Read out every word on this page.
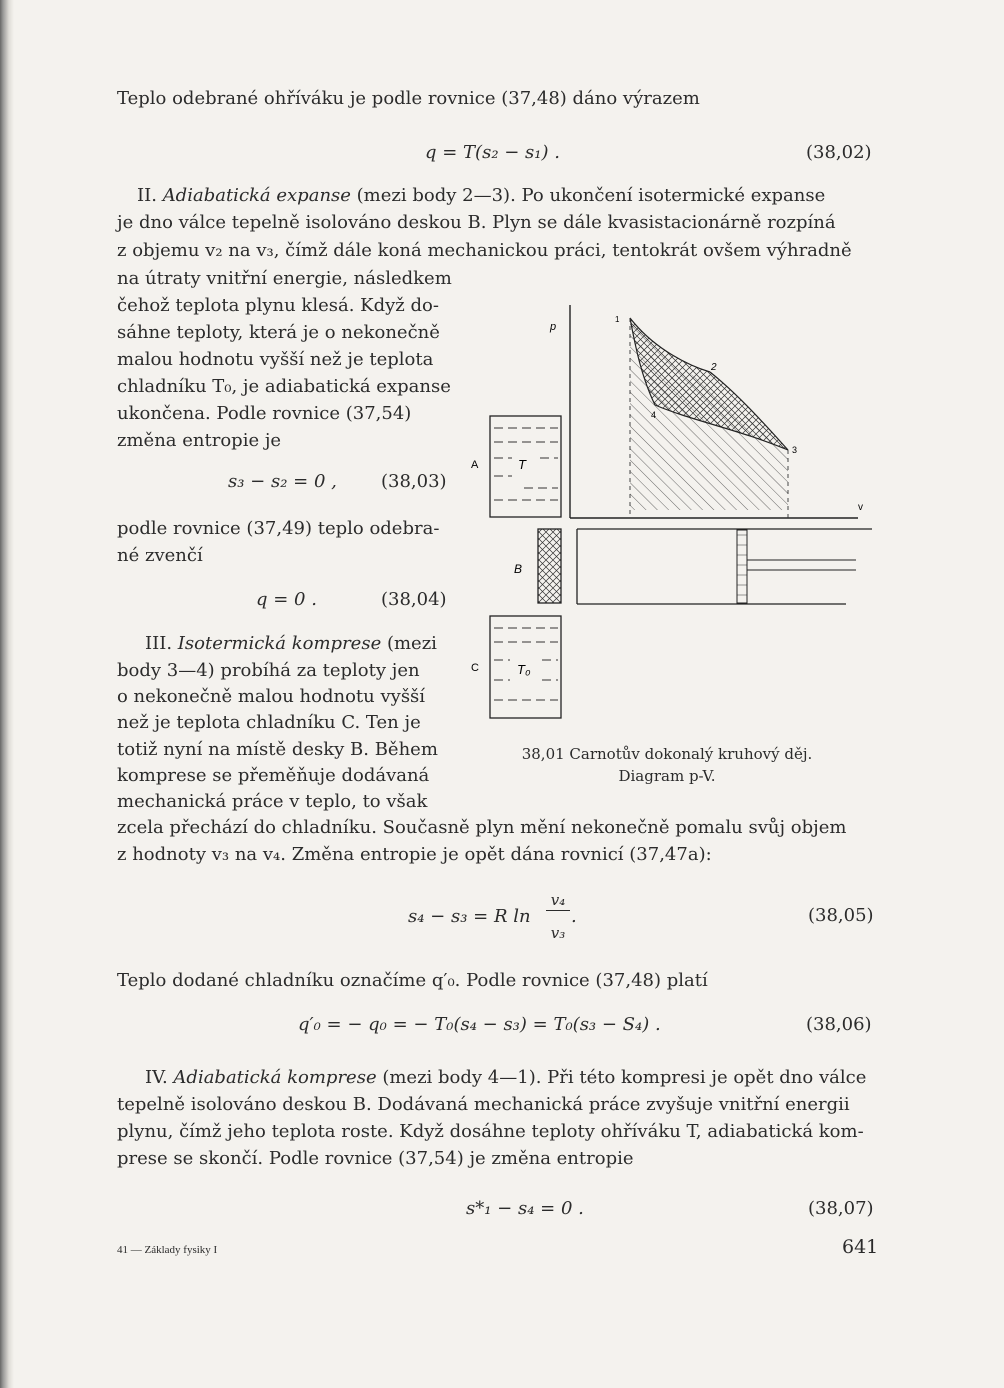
Teplo odebrané ohříváku je podle rovnice (37,48) dáno výrazem
q = T(s₂ − s₁) .	(38,02)
II. Adiabatická expanse (mezi body 2—3). Po ukončení isotermické expanse
je dno válce tepelně isolováno deskou B. Plyn se dále kvasistacionárně rozpíná
z objemu v₂ na v₃, čímž dále koná mechanickou práci, tentokrát ovšem výhradně
na útraty vnitřní energie, následkem
čehož teplota plynu klesá. Když do-
sáhne teploty, která je o nekonečně
malou hodnotu vyšší než je teplota
chladníku T₀, je adiabatická expanse
ukončena. Podle rovnice (37,54)
změna entropie je
s₃ − s₂ = 0 , (38,03)
podle rovnice (37,49) teplo odebra-
né zvenčí
q = 0 .	(38,04)
III. Isotermická komprese (mezi
body 3—4) probíhá za teploty jen
o nekonečně malou hodnotu vyšší
než je teplota chladníku C. Ten je
totiž nyní na místě desky B. Během
komprese se přeměňuje dodávaná
mechanická práce v teplo, to však
zcela přechází do chladníku. Současně plyn mění nekonečně pomalu svůj objem
z hodnoty v₃ na v₄. Změna entropie je opět dána rovnicí (37,47a):
s₄ − s₃ = R ln
v₄
v₃
.	(38,05)
Teplo dodané chladníku označíme q′₀. Podle rovnice (37,48) platí
q′₀ = − q₀ = − T₀(s₄ − s₃) = T₀(s₃ − S₄) .	(38,06)
IV. Adiabatická komprese (mezi body 4—1). Při této kompresi je opět dno válce
tepelně isolováno deskou B. Dodávaná mechanická práce zvyšuje vnitřní energii
plynu, čímž jeho teplota roste. Když dosáhne teploty ohříváku T, adiabatická kom-
prese se skončí. Podle rovnice (37,54) je změna entropie
s*₁ − s₄ = 0 .	(38,07)
p
v
1
2
3
4
A	T
B
C	T₀
38,01 Carnotův dokonalý kruhový děj.
Diagram p-V.
41 — Základy fysiky I	641
